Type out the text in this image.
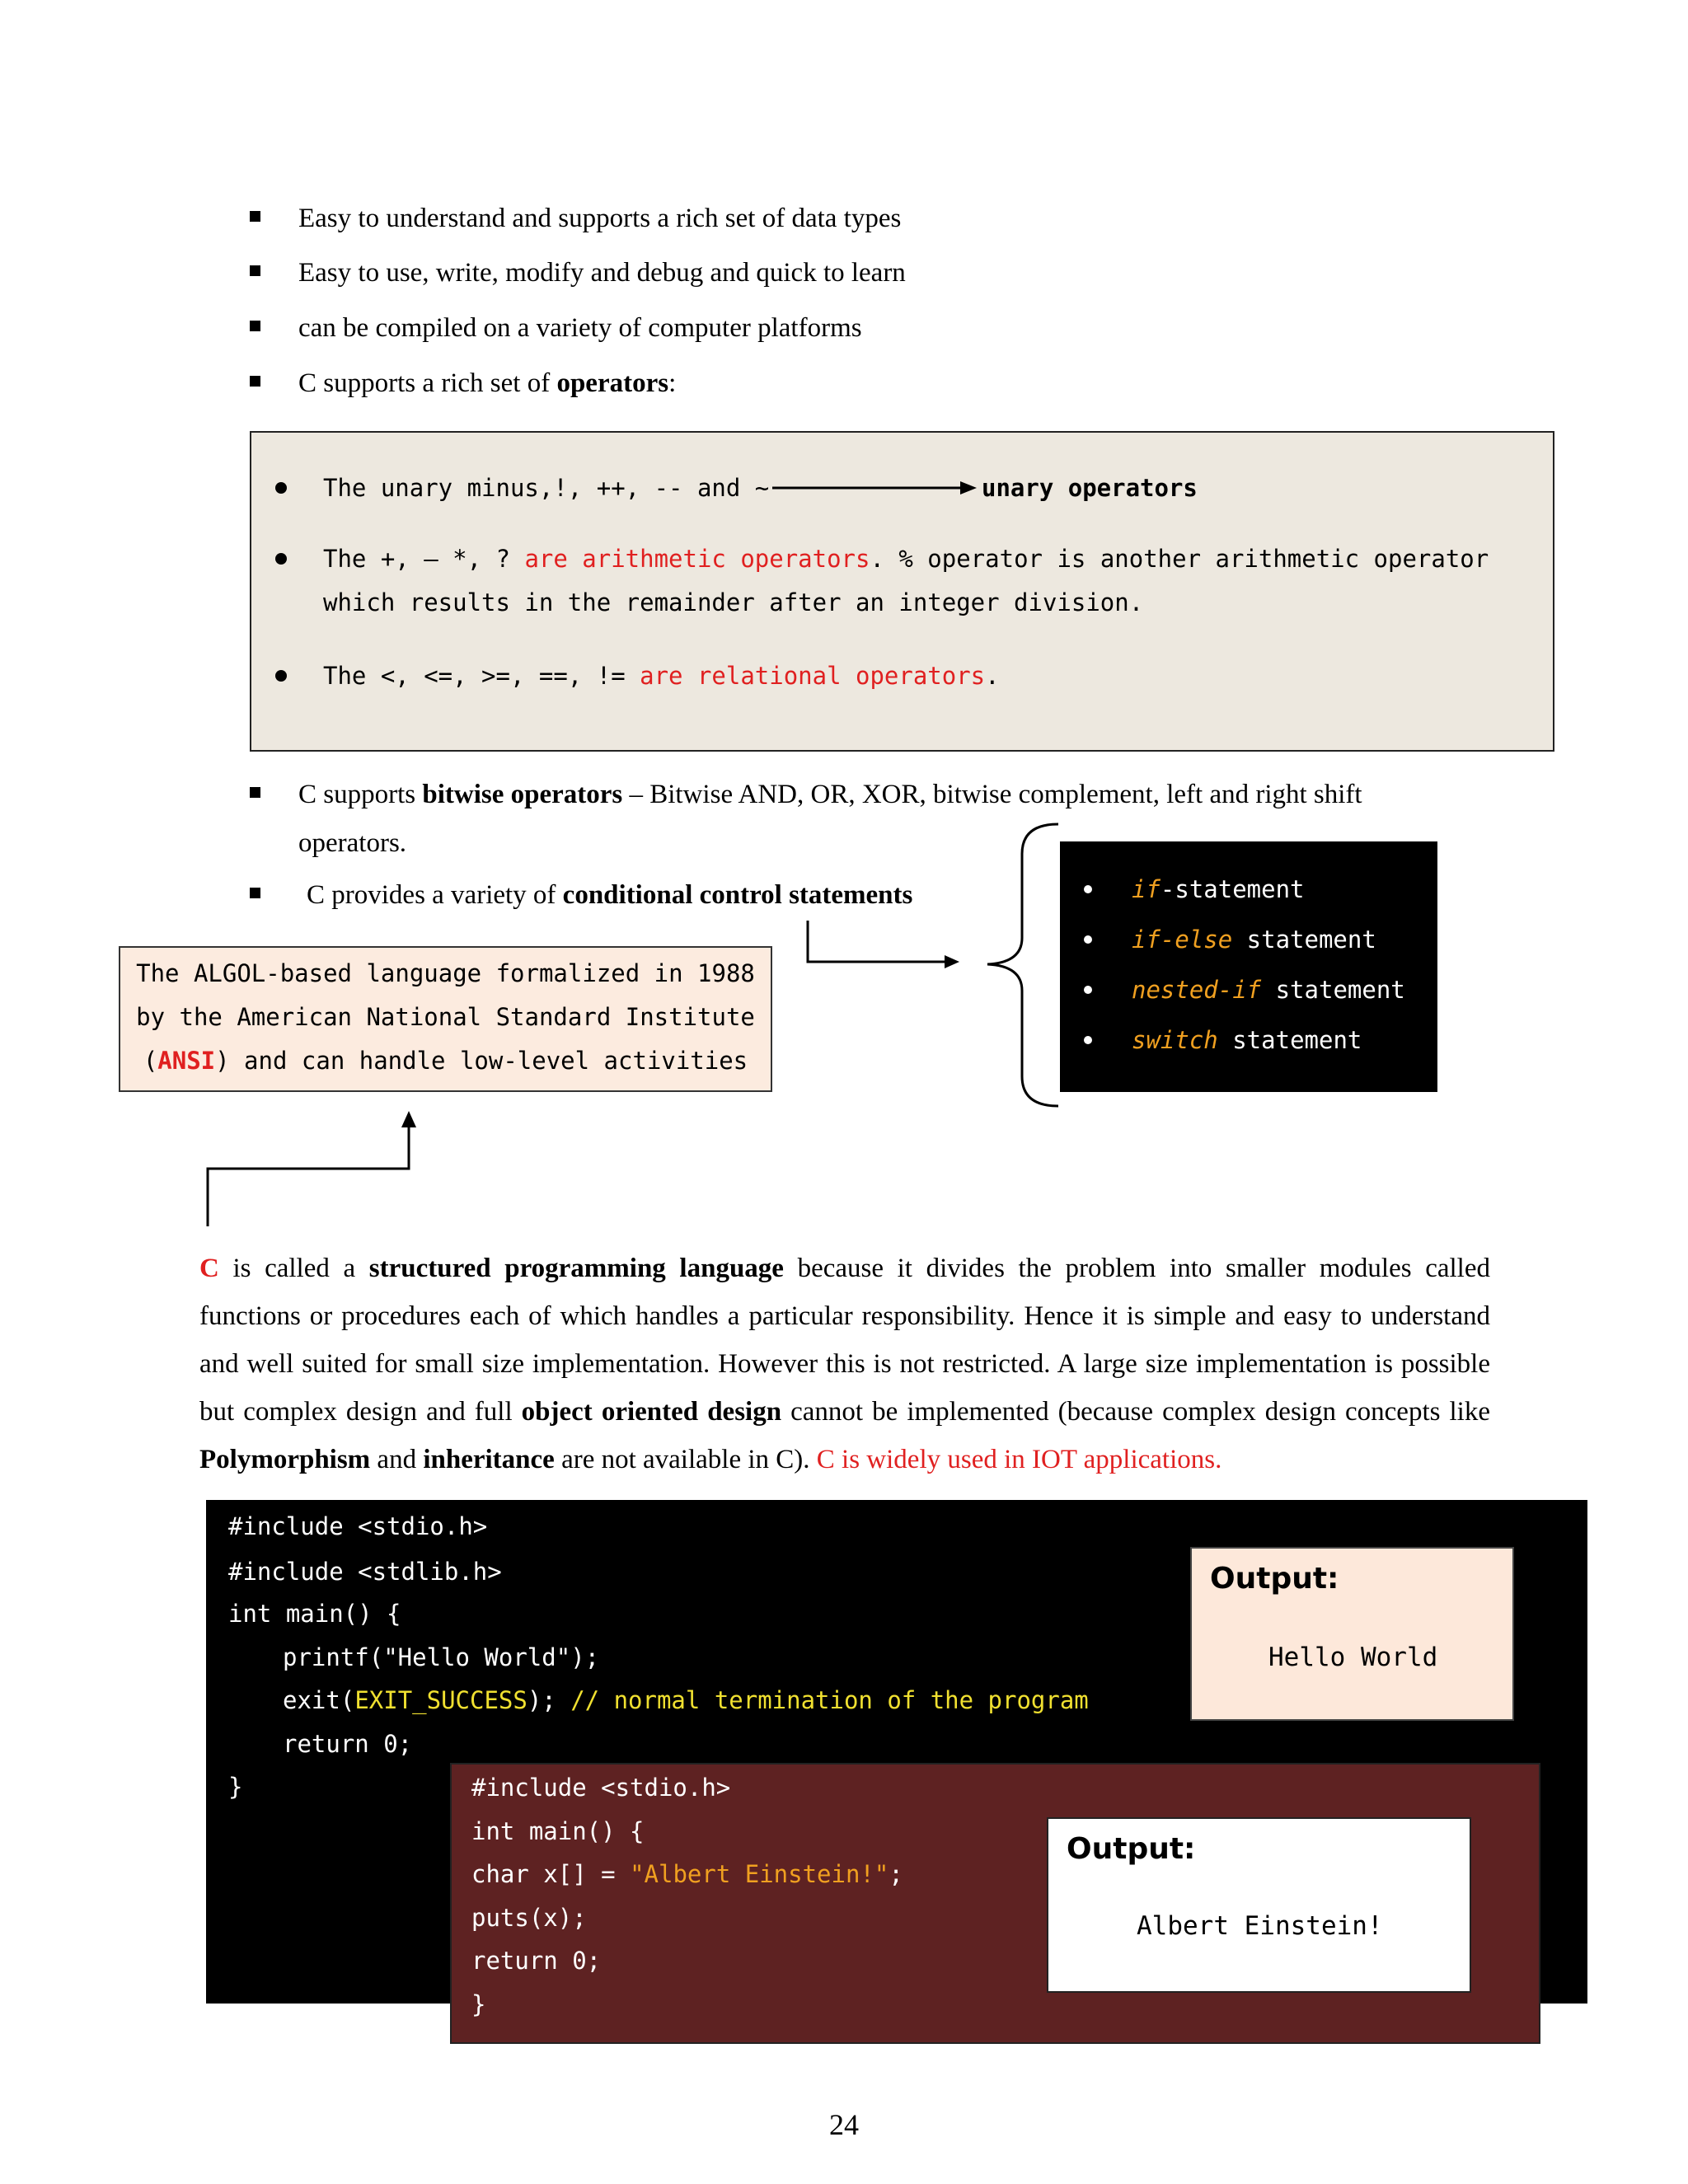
Easy to understand and supports a rich set of data types
Easy to use, write, modify and debug and quick to learn
can be compiled on a variety of computer platforms
C supports a rich set of operators:
The unary minus,!, ++, -- and ~	unary operators
The +, – *, ? are arithmetic operators. % operator is another arithmetic operator
which results in the remainder after an integer division.
The <, <=, >=, ==, != are relational operators.
C supports bitwise operators – Bitwise AND, OR, XOR, bitwise complement, left and right shift
operators.
C provides a variety of conditional control statements	if-statement
if-else statement
nested-if statement
switch statement
The ALGOL-based language formalized in 1988
by the American National Standard Institute
(ANSI) and can handle low-level activities
C is called a structured programming language because it divides the problem into smaller modules called
functions or procedures each of which handles a particular responsibility. Hence it is simple and easy to understand
and well suited for small size implementation. However this is not restricted. A large size implementation is possible
but complex design and full object oriented design cannot be implemented (because complex design concepts like
Polymorphism and inheritance are not available in C). C is widely used in IOT applications.
#include <stdio.h>
#include <stdlib.h>
int main() {
printf("Hello World");
exit(EXIT_SUCCESS); // normal termination of the program
return 0;
}
Output:
Hello World
#include <stdio.h>
int main() {
char x[] = "Albert Einstein!";
puts(x);
return 0;
}
Output:
Albert Einstein!
24
